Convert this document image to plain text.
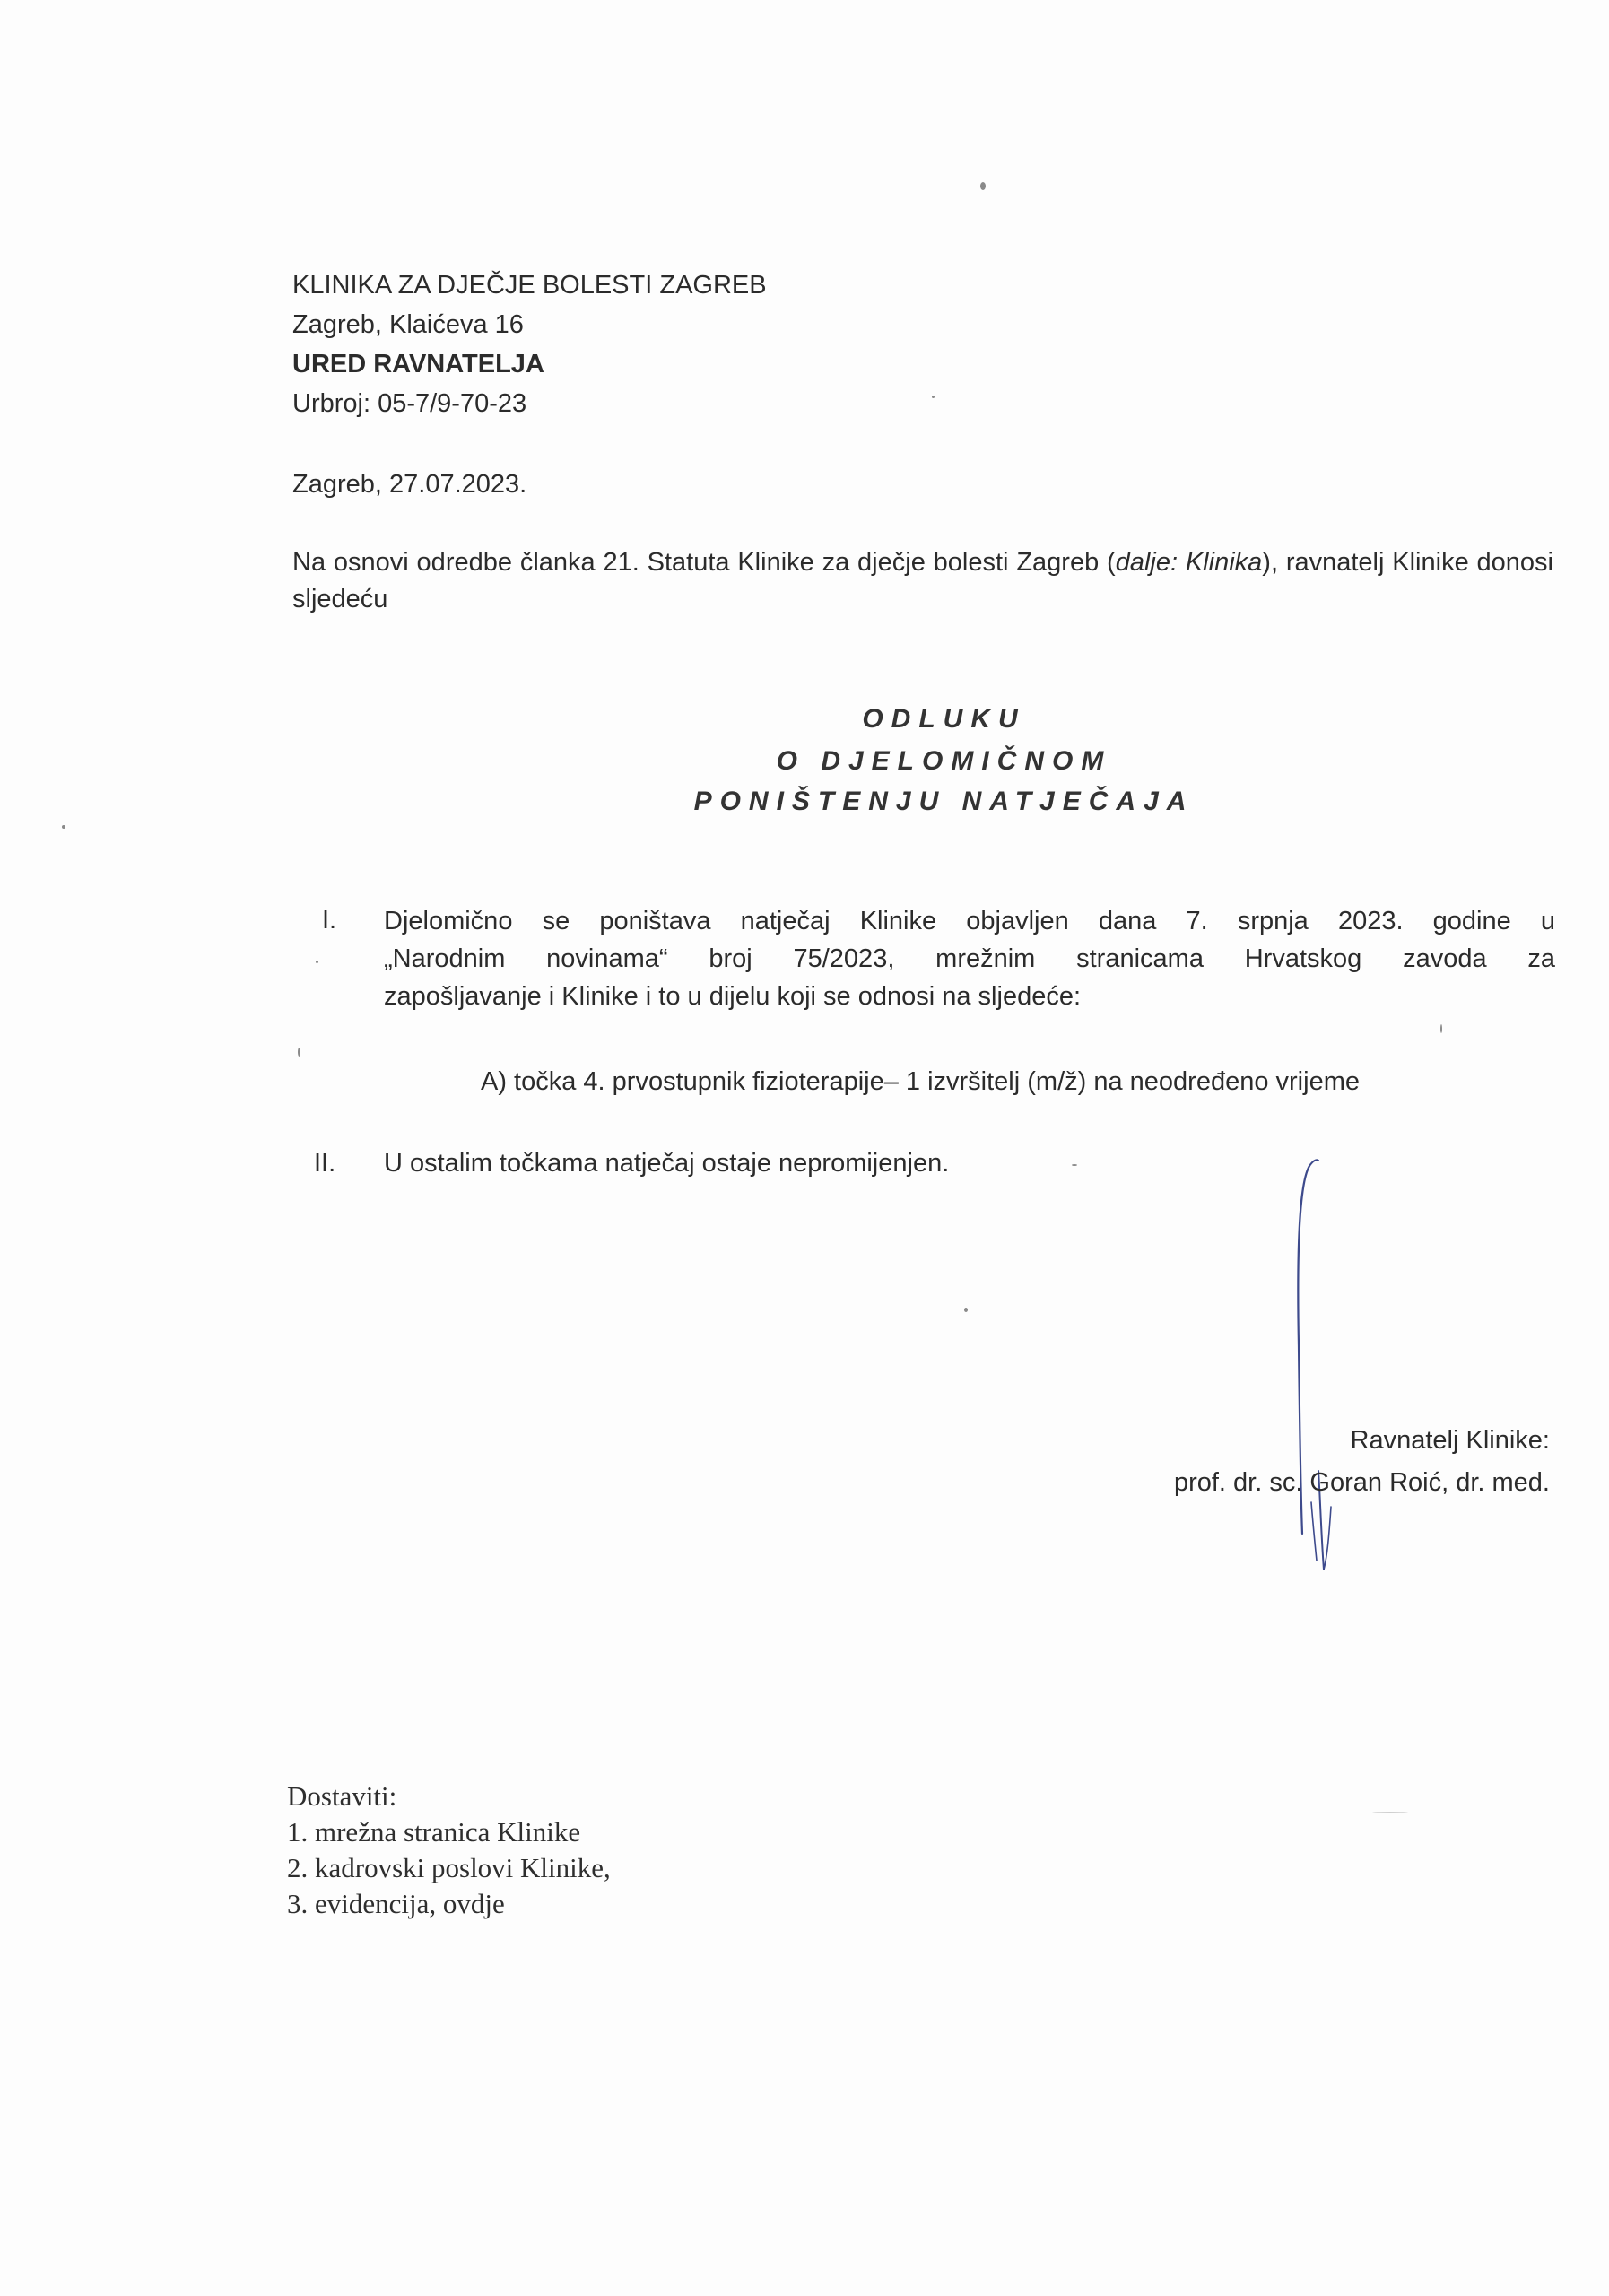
KLINIKA ZA DJEČJE BOLESTI ZAGREB
Zagreb, Klaićeva 16
URED RAVNATELJA
Urbroj: 05-7/9-70-23
Zagreb, 27.07.2023.
Na osnovi odredbe članka 21. Statuta Klinike za dječje bolesti Zagreb (dalje: Klinika), ravnatelj Klinike donosi sljedeću
ODLUKU
O DJELOMIČNOM
PONIŠTENJU NATJEČAJA
I. Djelomično se poništava natječaj Klinike objavljen dana 7. srpnja 2023. godine u
„Narodnim novinama“ broj 75/2023, mrežnim stranicama Hrvatskog zavoda za
zapošljavanje i Klinike i to u dijelu koji se odnosi na sljedeće:
A) točka 4. prvostupnik fizioterapije– 1 izvršitelj (m/ž) na neodređeno vrijeme
II. U ostalim točkama natječaj ostaje nepromijenjen.
Ravnatelj Klinike:
prof. dr. sc. Goran Roić, dr. med.
Dostaviti:
1. mrežna stranica Klinike
2. kadrovski poslovi Klinike,
3. evidencija, ovdje
